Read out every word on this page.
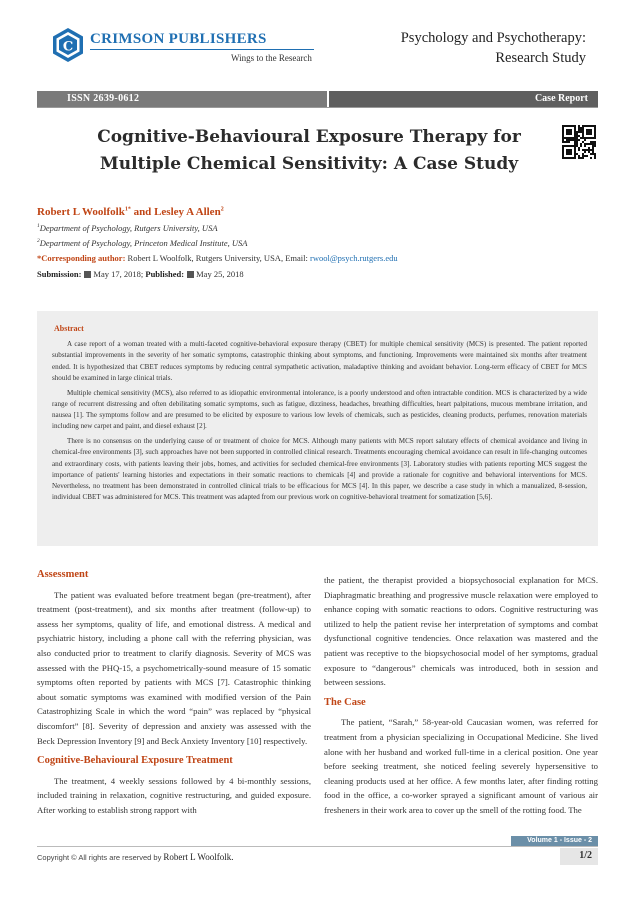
C CRIMSON PUBLISHERS
Wings to the Research
Psychology and Psychotherapy:
Research Study
ISSN 2639-0612	Case Report
Cognitive-Behavioural Exposure Therapy for
Multiple Chemical Sensitivity: A Case Study
Robert L Woolfolk$^{1*}$ and Lesley A Allen$^2$
$^1$Department of Psychology, Rutgers University, USA
$^2$Department of Psychology, Princeton Medical Institute, USA
*Corresponding author: Robert L Woolfolk, Rutgers University, USA, Email: rwool@psych.rutgers.edu
Submission: May 17, 2018; Published: May 25, 2018
Abstract

A case report of a woman treated with a multi-faceted cognitive-behavioral exposure therapy (CBET) for multiple chemical sensitivity (MCS) is presented. The patient reported substantial improvements in the severity of her somatic symptoms, catastrophic thinking about symptoms, and functioning. Improvements were maintained six months after treatment ended. It is hypothesized that CBET reduces symptoms by reducing central sympathetic activation, maladaptive thinking and avoidant behavior. Long-term efficacy of CBET for MCS should be examined in large clinical trials.

Multiple chemical sensitivity (MCS), also referred to as idiopathic environmental intolerance, is a poorly understood and often intractable condition. MCS is characterized by a wide range of recurrent distressing and often debilitating somatic symptoms, such as fatigue, dizziness, headaches, breathing difficulties, heart palpitations, mucous membrane irritation, and nausea [1]. The symptoms follow and are presumed to be elicited by exposure to various low levels of chemicals, such as pesticides, cleaning products, perfumes, renovation materials including new carpet and paint, and diesel exhaust [2].

There is no consensus on the underlying cause of or treatment of choice for MCS. Although many patients with MCS report salutary effects of chemical avoidance and living in chemical-free environments [3], such approaches have not been supported in controlled clinical research. Treatments encouraging chemical avoidance can result in life-changing outcomes and extraordinary costs, with patients leaving their jobs, homes, and activities for secluded chemical-free environments [3]. Laboratory studies with patients reporting MCS suggest the importance of patients' learning histories and expectations in their somatic reactions to chemicals [4] and provide a rationale for cognitive and behavioral interventions for MCS. Nevertheless, no treatment has been demonstrated in controlled clinical trials to be efficacious for MCS [4]. In this paper, we describe a case study in which a manualized, 8-session, individual CBET was administered for MCS. This treatment was adapted from our previous work on cognitive-behavioral treatment for somatization [5,6].

Assessment

The patient was evaluated before treatment began (pre-treatment), after treatment (post-treatment), and six months after treatment (follow-up) to assess her symptoms, quality of life, and emotional distress. A medical and psychiatric history, including a phone call with the referring physician, was also conducted prior to treatment to clarify diagnosis. Severity of MCS was assessed with the PHQ-15, a psychometrically-sound measure of 15 somatic symptoms often reported by patients with MCS [7]. Catastrophic thinking about somatic symptoms was examined with modified version of the Pain Catastrophizing Scale in which the word “pain” was replaced by “physical discomfort” [8]. Severity of depression and anxiety was assessed with the Beck Depression Inventory [9] and Beck Anxiety Inventory [10] respectively.

Cognitive-Behavioural Exposure Treatment

The treatment, 4 weekly sessions followed by 4 bi-monthly sessions, included training in relaxation, cognitive restructuring, and guided exposure. After working to establish strong rapport with

the patient, the therapist provided a biopsychosocial explanation for MCS. Diaphragmatic breathing and progressive muscle relaxation were employed to enhance coping with somatic reactions to odors. Cognitive restructuring was utilized to help the patient revise her interpretation of symptoms and combat dysfunctional cognitive tendencies. Once relaxation was mastered and the patient was receptive to the biopsychosocial model of her symptoms, gradual exposure to “dangerous” chemicals was introduced, both in session and between sessions.

The Case

The patient, “Sarah,” 58-year-old Caucasian women, was referred for treatment from a physician specializing in Occupational Medicine. She lived alone with her husband and worked full-time in a clerical position. One year before seeking treatment, she noticed feeling severely hypersensitive to cleaning products used at her office. A few months later, after finding rotting food in the office, a co-worker sprayed a significant amount of various air fresheners in their work area to cover up the smell of the rotting food. The

Volume 1 - Issue - 2
Copyright © All rights are reserved by Robert L Woolfolk.	1/2
